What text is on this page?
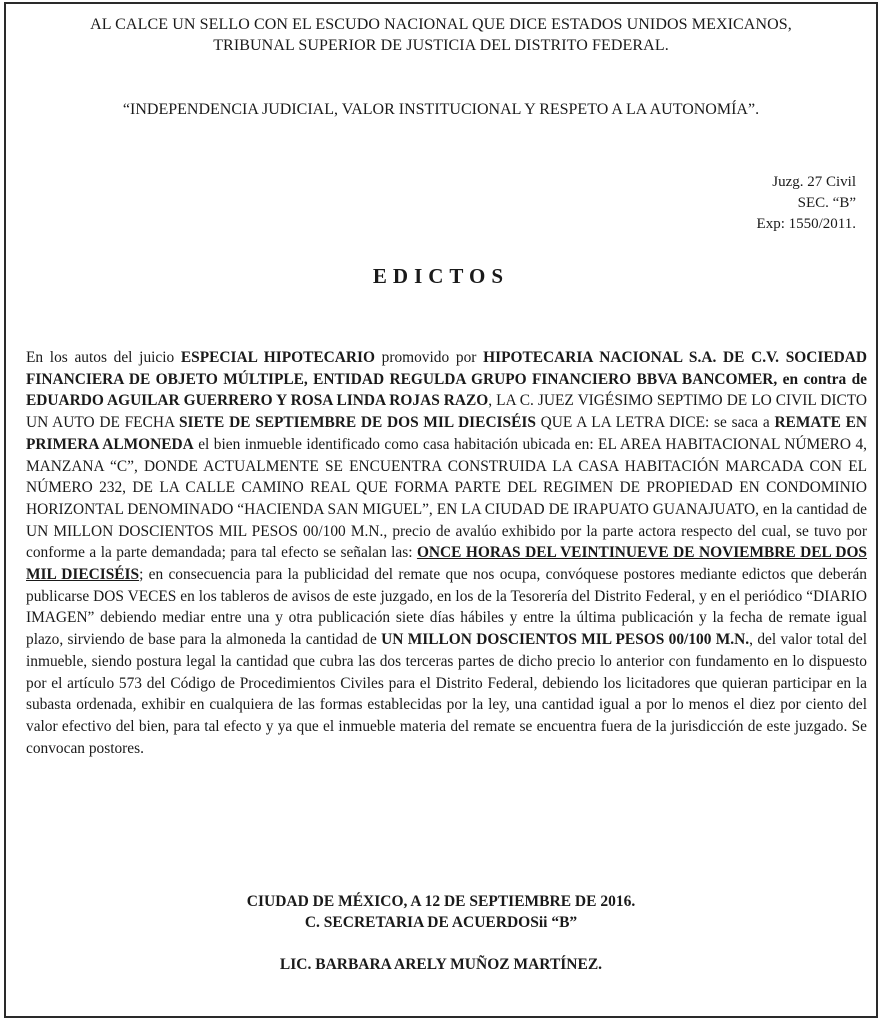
AL CALCE UN SELLO CON EL ESCUDO NACIONAL QUE DICE ESTADOS UNIDOS MEXICANOS,
TRIBUNAL SUPERIOR DE JUSTICIA DEL DISTRITO FEDERAL.
“INDEPENDENCIA JUDICIAL, VALOR INSTITUCIONAL Y RESPETO A LA AUTONOMÍA”.
Juzg. 27 Civil
SEC. “B”
Exp: 1550/2011.
EDICTOS
En los autos del juicio ESPECIAL HIPOTECARIO promovido por HIPOTECARIA NACIONAL S.A. DE C.V. SOCIEDAD FINANCIERA DE OBJETO MÚLTIPLE, ENTIDAD REGULDA GRUPO FINANCIERO BBVA BANCOMER, en contra de EDUARDO AGUILAR GUERRERO Y ROSA LINDA ROJAS RAZO, LA C. JUEZ VIGÉSIMO SEPTIMO DE LO CIVIL DICTO UN AUTO DE FECHA SIETE DE SEPTIEMBRE DE DOS MIL DIECISÉIS QUE A LA LETRA DICE: se saca a REMATE EN PRIMERA ALMONEDA el bien inmueble identificado como casa habitación ubicada en: EL AREA HABITACIONAL NÚMERO 4, MANZANA “C”, DONDE ACTUALMENTE SE ENCUENTRA CONSTRUIDA LA CASA HABITACIÓN MARCADA CON EL NÚMERO 232, DE LA CALLE CAMINO REAL QUE FORMA PARTE DEL REGIMEN DE PROPIEDAD EN CONDOMINIO HORIZONTAL DENOMINADO “HACIENDA SAN MIGUEL”, EN LA CIUDAD DE IRAPUATO GUANAJUATO, en la cantidad de UN MILLON DOSCIENTOS MIL PESOS 00/100 M.N., precio de avalúo exhibido por la parte actora respecto del cual, se tuvo por conforme a la parte demandada; para tal efecto se señalan las: ONCE HORAS DEL VEINTINUEVE DE NOVIEMBRE DEL DOS MIL DIECISÉIS; en consecuencia para la publicidad del remate que nos ocupa, convóquese postores mediante edictos que deberán publicarse DOS VECES en los tableros de avisos de este juzgado, en los de la Tesorería del Distrito Federal, y en el periódico “DIARIO IMAGEN” debiendo mediar entre una y otra publicación siete días hábiles y entre la última publicación y la fecha de remate igual plazo, sirviendo de base para la almoneda la cantidad de UN MILLON DOSCIENTOS MIL PESOS 00/100 M.N., del valor total del inmueble, siendo postura legal la cantidad que cubra las dos terceras partes de dicho precio lo anterior con fundamento en lo dispuesto por el artículo 573 del Código de Procedimientos Civiles para el Distrito Federal, debiendo los licitadores que quieran participar en la subasta ordenada, exhibir en cualquiera de las formas establecidas por la ley, una cantidad igual a por lo menos el diez por ciento del valor efectivo del bien, para tal efecto y ya que el inmueble materia del remate se encuentra fuera de la jurisdicción de este juzgado. Se convocan postores.
CIUDAD DE MÉXICO, A 12 DE SEPTIEMBRE DE 2016.
C. SECRETARIA DE ACUERDOSii “B”
LIC. BARBARA ARELY MUÑOZ MARTÍNEZ.
